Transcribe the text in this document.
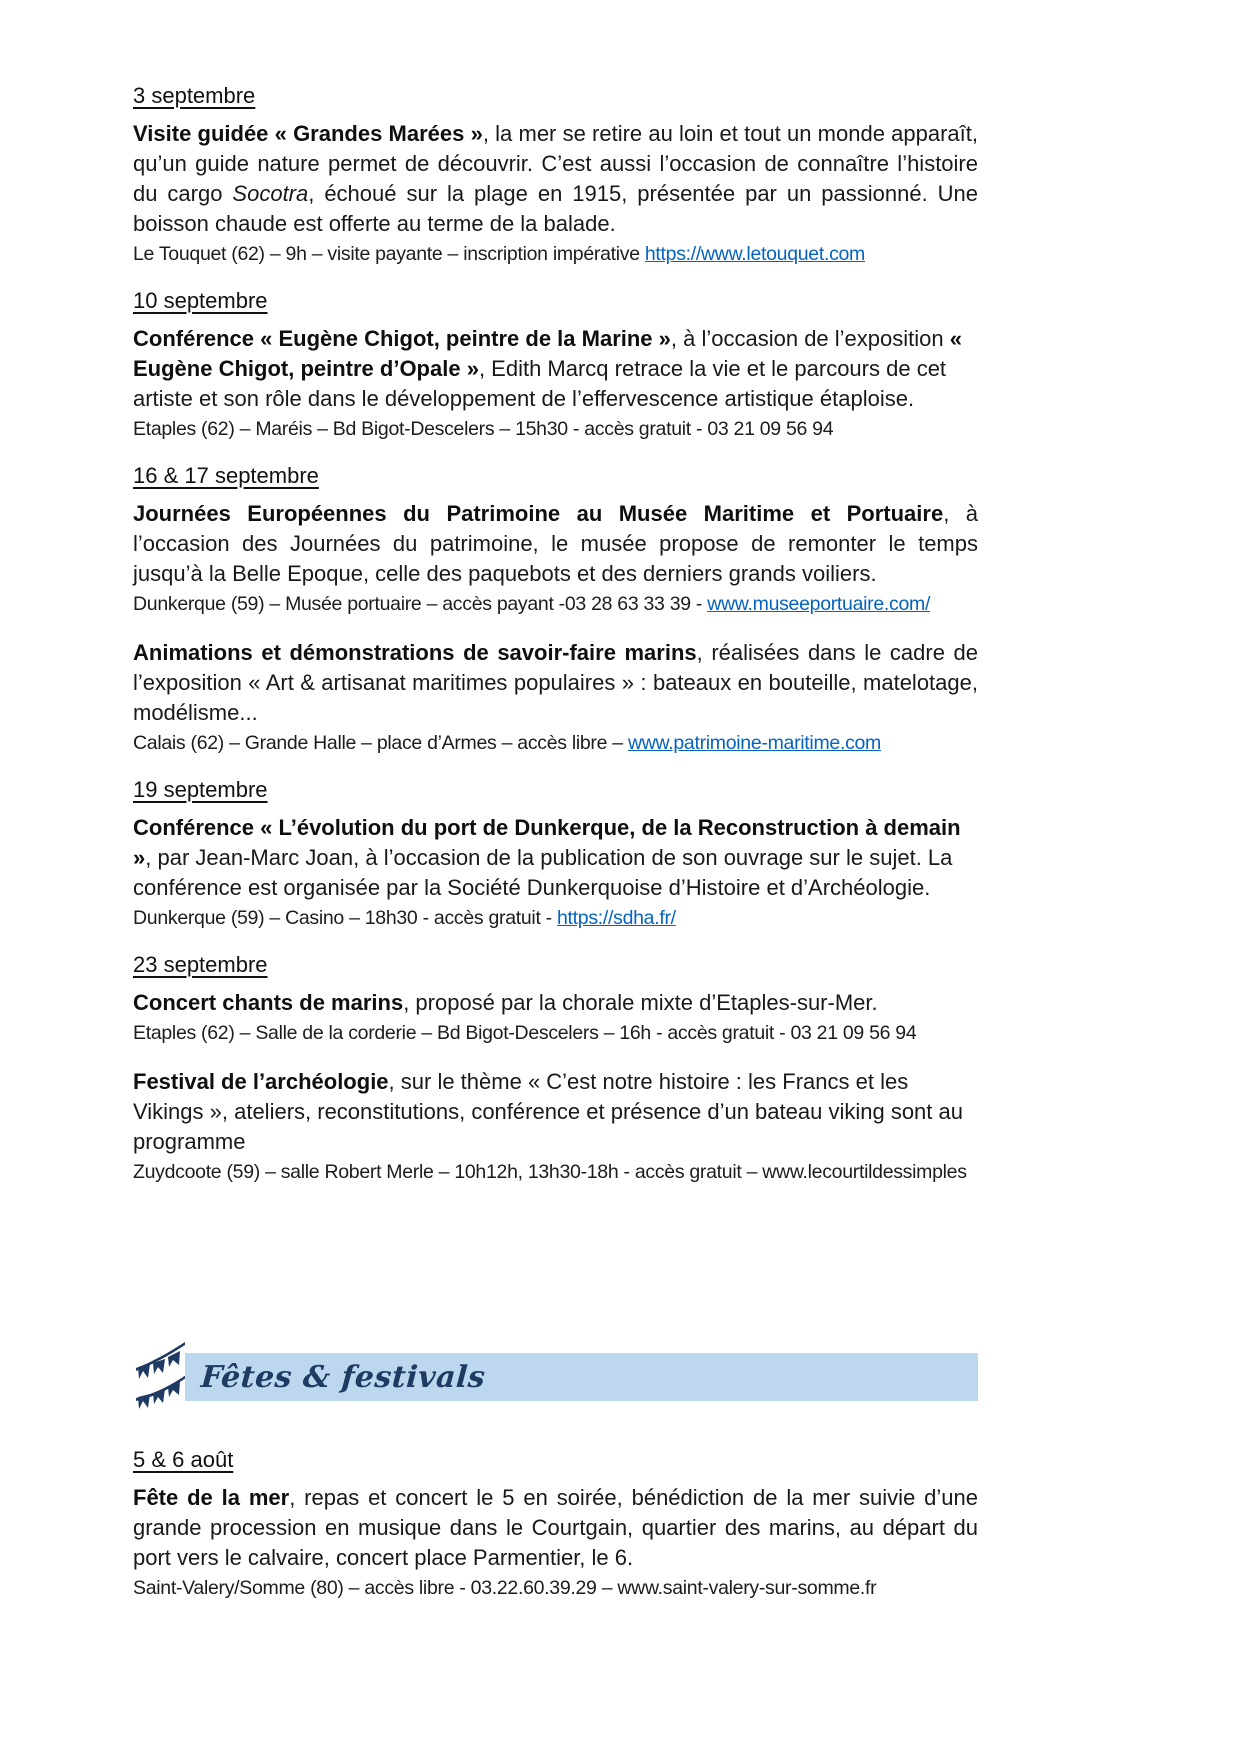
3 septembre

Visite guidée « Grandes Marées », la mer se retire au loin et tout un monde apparaît, qu’un guide nature permet de découvrir. C’est aussi l’occasion de connaître l’histoire du cargo Socotra, échoué sur la plage en 1915, présentée par un passionné. Une boisson chaude est offerte au terme de la balade.

Le Touquet (62) – 9h – visite payante – inscription impérative https://www.letouquet.com

10 septembre

Conférence « Eugène Chigot, peintre de la Marine », à l’occasion de l’exposition « Eugène Chigot, peintre d’Opale », Edith Marcq retrace la vie et le parcours de cet artiste et son rôle dans le développement de l’effervescence artistique étaploise.

Etaples (62) – Maréis – Bd Bigot-Descelers – 15h30 - accès gratuit - 03 21 09 56 94

16 & 17 septembre

Journées Européennes du Patrimoine au Musée Maritime et Portuaire, à l’occasion des Journées du patrimoine, le musée propose de remonter le temps jusqu’à la Belle Epoque, celle des paquebots et des derniers grands voiliers.

Dunkerque (59) – Musée portuaire – accès payant -03 28 63 33 39 - www.museeportuaire.com/

Animations et démonstrations de savoir-faire marins, réalisées dans le cadre de l’exposition « Art & artisanat maritimes populaires » : bateaux en bouteille, matelotage, modélisme...

Calais (62) – Grande Halle – place d’Armes – accès libre – www.patrimoine-maritime.com

19 septembre

Conférence « L’évolution du port de Dunkerque, de la Reconstruction à demain », par Jean-Marc Joan, à l’occasion de la publication de son ouvrage sur le sujet. La conférence est organisée par la Société Dunkerquoise d’Histoire et d’Archéologie.

Dunkerque (59) – Casino – 18h30 - accès gratuit - https://sdha.fr/

23 septembre

Concert chants de marins, proposé par la chorale mixte d’Etaples-sur-Mer.

Etaples (62) – Salle de la corderie – Bd Bigot-Descelers – 16h - accès gratuit - 03 21 09 56 94

Festival de l’archéologie, sur le thème « C’est notre histoire : les Francs et les Vikings », ateliers, reconstitutions, conférence et présence d’un bateau viking sont au programme

Zuydcoote (59) – salle Robert Merle – 10h12h, 13h30-18h - accès gratuit – www.lecourtildessimples

Fêtes & festivals
5 & 6 août

Fête de la mer, repas et concert le 5 en soirée, bénédiction de la mer suivie d’une grande procession en musique dans le Courtgain, quartier des marins, au départ du port vers le calvaire, concert place Parmentier, le 6.

Saint-Valery/Somme (80) – accès libre - 03.22.60.39.29 – www.saint-valery-sur-somme.fr
